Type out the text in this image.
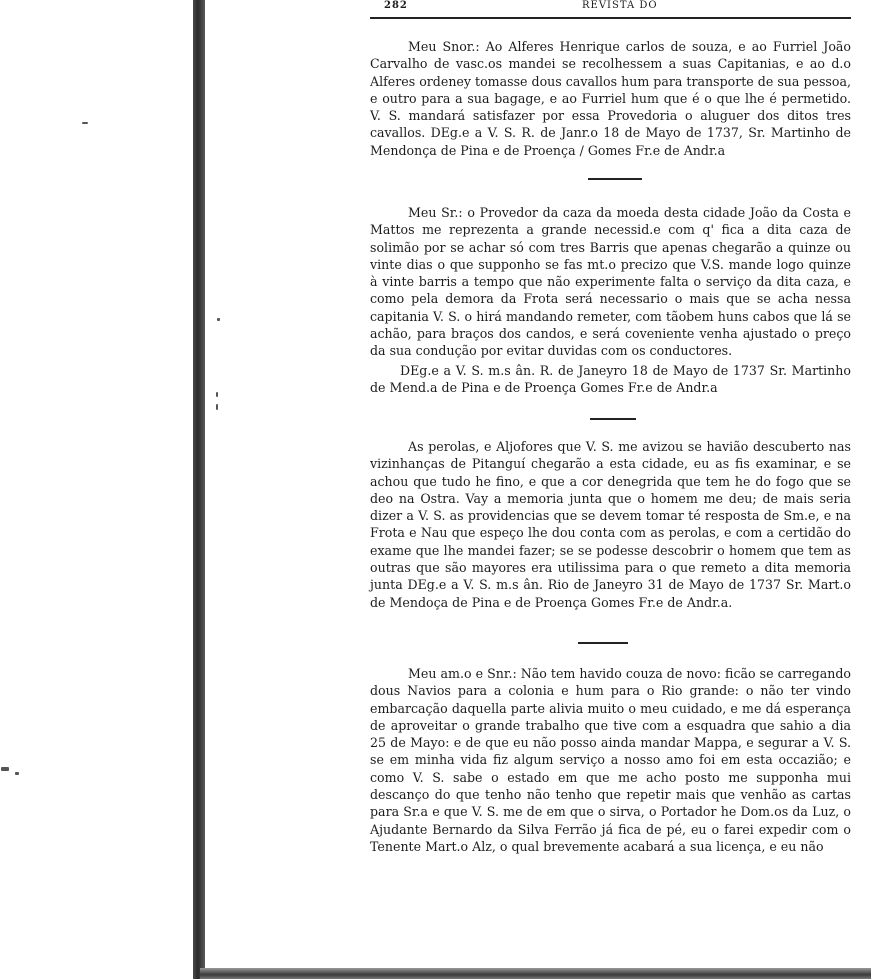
282	REVISTA DO

Meu Snor.: Ao Alferes Henrique carlos de souza, e ao Furriel João Carvalho de vasc.os mandei se recolhessem a suas Capitanias, e ao d.o Alferes ordeney tomasse dous cavallos hum para transporte de sua pessoa, e outro para a sua bagage, e ao Furriel hum que é o que lhe é permetido. V. S. mandará satisfazer por essa Provedoria o aluguer dos ditos tres cavallos. DEg.e a V. S. R. de Janr.o 18 de Mayo de 1737, Sr. Martinho de Mendonça de Pina e de Proença / Gomes Fr.e de Andr.a

Meu Sr.: o Provedor da caza da moeda desta cidade João da Costa e Mattos me reprezenta a grande necessid.e com q' fica a dita caza de solimão por se achar só com tres Barris que apenas chegarão a quinze ou vinte dias o que supponho se fas mt.o precizo que V.S. mande logo quinze à vinte barris a tempo que não experimente falta o serviço da dita caza, e como pela demora da Frota será necessario o mais que se acha nessa capitania V. S. o hirá mandando remeter, com tãobem huns cabos que lá se achão, para braços dos candos, e será coveniente venha ajustado o preço da sua condução por evitar duvidas com os conductores.

DEg.e a V. S. m.s ân. R. de Janeyro 18 de Mayo de 1737 Sr. Martinho de Mend.a de Pina e de Proença Gomes Fr.e de Andr.a

As perolas, e Aljofores que V. S. me avizou se havião descuberto nas vizinhanças de Pitanguí chegarão a esta cidade, eu as fis examinar, e se achou que tudo he fino, e que a cor denegrida que tem he do fogo que se deo na Ostra. Vay a memoria junta que o homem me deu; de mais seria dizer a V. S. as providencias que se devem tomar té resposta de Sm.e, e na Frota e Nau que espeço lhe dou conta com as perolas, e com a certidão do exame que lhe mandei fazer; se se podesse descobrir o homem que tem as outras que são mayores era utilissima para o que remeto a dita memoria junta DEg.e a V. S. m.s ân. Rio de Janeyro 31 de Mayo de 1737 Sr. Mart.o de Mendoça de Pina e de Proença Gomes Fr.e de Andr.a.

Meu am.o e Snr.: Não tem havido couza de novo: ficão se carregando dous Navios para a colonia e hum para o Rio grande: o não ter vindo embarcação daquella parte alivia muito o meu cuidado, e me dá esperança de aproveitar o grande trabalho que tive com a esquadra que sahio a dia 25 de Mayo: e de que eu não posso ainda mandar Mappa, e segurar a V. S. se em minha vida fiz algum serviço a nosso amo foi em esta occazião; e como V. S. sabe o estado em que me acho posto me supponha mui descanço do que tenho não tenho que repetir mais que venhão as cartas para Sr.a e que V. S. me de em que o sirva, o Portador he Dom.os da Luz, o Ajudante Bernardo da Silva Ferrão já fica de pé, eu o farei expedir com o Tenente Mart.o Alz, o qual brevemente acabará a sua licença, e eu não
